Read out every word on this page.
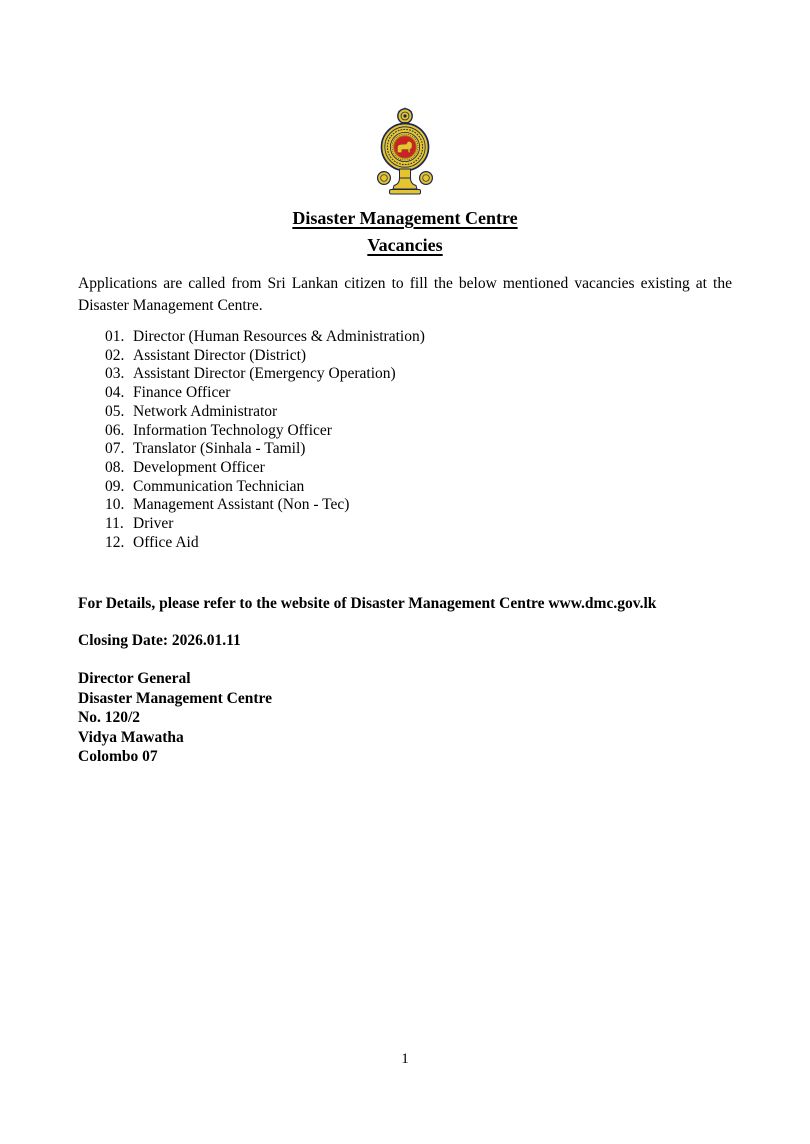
Disaster Management Centre
Vacancies

Applications are called from Sri Lankan citizen to fill the below mentioned vacancies existing at the Disaster Management Centre.

01. Director (Human Resources & Administration)
02. Assistant Director (District)
03. Assistant Director (Emergency Operation)
04. Finance Officer
05. Network Administrator
06. Information Technology Officer
07. Translator (Sinhala - Tamil)
08. Development Officer
09. Communication Technician
10. Management Assistant (Non - Tec)
11. Driver
12. Office Aid

For Details, please refer to the website of Disaster Management Centre www.dmc.gov.lk

Closing Date: 2026.01.11

Director General
Disaster Management Centre
No. 120/2
Vidya Mawatha
Colombo 07
1
